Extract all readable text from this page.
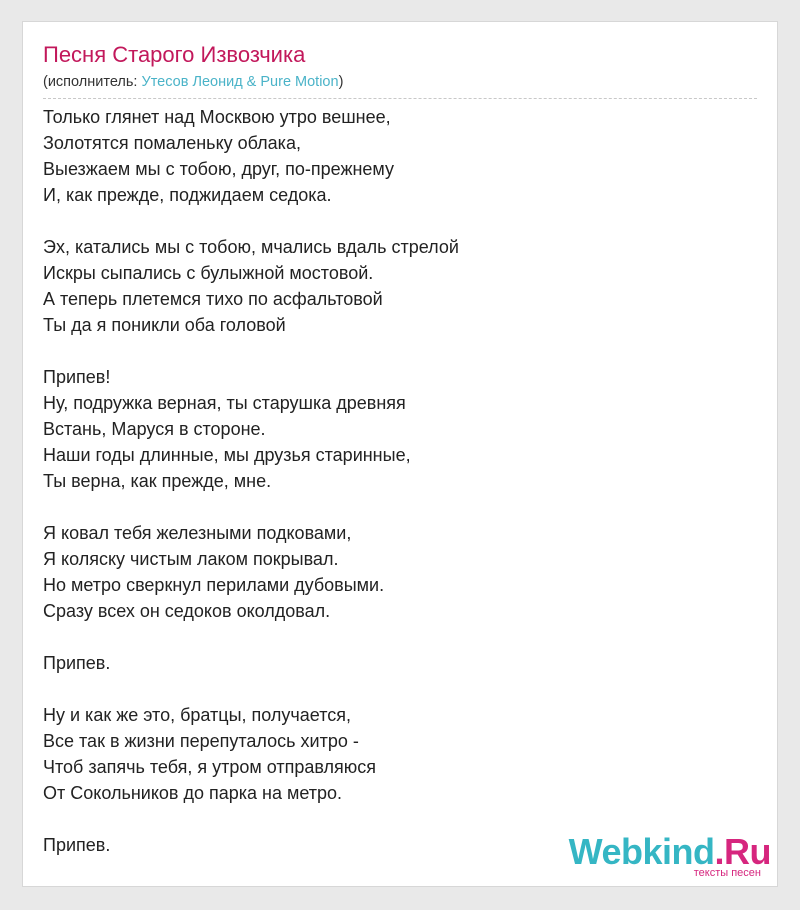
Песня Старого Извозчика
(исполнитель: Утесов Леонид & Pure Motion)

Только глянет над Москвою утро вешнее,
Золотятся помаленьку облака,
Выезжаем мы с тобою, друг, по-прежнему
И, как прежде, поджидаем седока.

Эх, катались мы с тобою, мчались вдаль стрелой
Искры сыпались с булыжной мостовой.
А теперь плетемся тихо по асфальтовой
Ты да я поникли оба головой

Припев!
Ну, подружка верная, ты старушка древняя
Встань, Маруся в стороне.
Наши годы длинные, мы друзья старинные,
Ты верна, как прежде, мне.

Я ковал тебя железными подковами,
Я коляску чистым лаком покрывал.
Но метро сверкнул перилами дубовыми.
Сразу всех он седоков околдовал.

Припев.

Ну и как же это, братцы, получается,
Все так в жизни перепуталось хитро -
Чтоб запячь тебя, я утром отправляюся
От Сокольников до парка на метро.

Припев.	Webkind.Ru
тексты песен
